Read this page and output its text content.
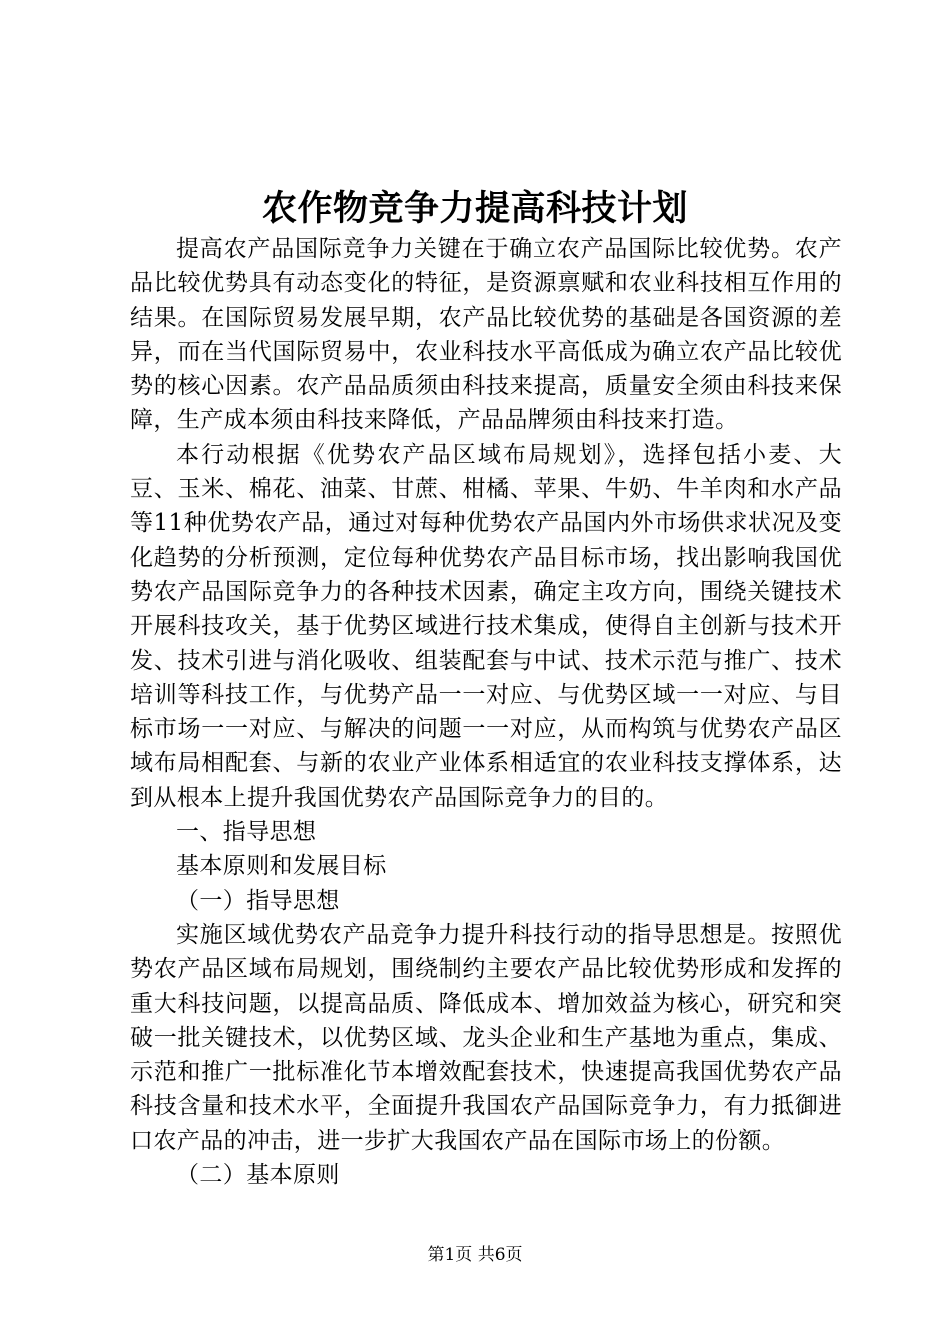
农作物竞争力提高科技计划

提高农产品国际竞争力关键在于确立农产品国际比较优势。农产品比较优势具有动态变化的特征，是资源禀赋和农业科技相互作用的结果。在国际贸易发展早期，农产品比较优势的基础是各国资源的差异，而在当代国际贸易中，农业科技水平高低成为确立农产品比较优势的核心因素。农产品品质须由科技来提高，质量安全须由科技来保障，生产成本须由科技来降低，产品品牌须由科技来打造。

本行动根据《优势农产品区域布局规划》，选择包括小麦、大豆、玉米、棉花、油菜、甘蔗、柑橘、苹果、牛奶、牛羊肉和水产品等11种优势农产品，通过对每种优势农产品国内外市场供求状况及变化趋势的分析预测，定位每种优势农产品目标市场，找出影响我国优势农产品国际竞争力的各种技术因素，确定主攻方向，围绕关键技术开展科技攻关，基于优势区域进行技术集成，使得自主创新与技术开发、技术引进与消化吸收、组装配套与中试、技术示范与推广、技术培训等科技工作，与优势产品一一对应、与优势区域一一对应、与目标市场一一对应、与解决的问题一一对应，从而构筑与优势农产品区域布局相配套、与新的农业产业体系相适宜的农业科技支撑体系，达到从根本上提升我国优势农产品国际竞争力的目的。

一、指导思想

基本原则和发展目标

（一）指导思想

实施区域优势农产品竞争力提升科技行动的指导思想是。按照优势农产品区域布局规划，围绕制约主要农产品比较优势形成和发挥的重大科技问题，以提高品质、降低成本、增加效益为核心，研究和突破一批关键技术，以优势区域、龙头企业和生产基地为重点，集成、示范和推广一批标准化节本增效配套技术，快速提高我国优势农产品科技含量和技术水平，全面提升我国农产品国际竞争力，有力抵御进口农产品的冲击，进一步扩大我国农产品在国际市场上的份额。

（二）基本原则

第1页 共6页
